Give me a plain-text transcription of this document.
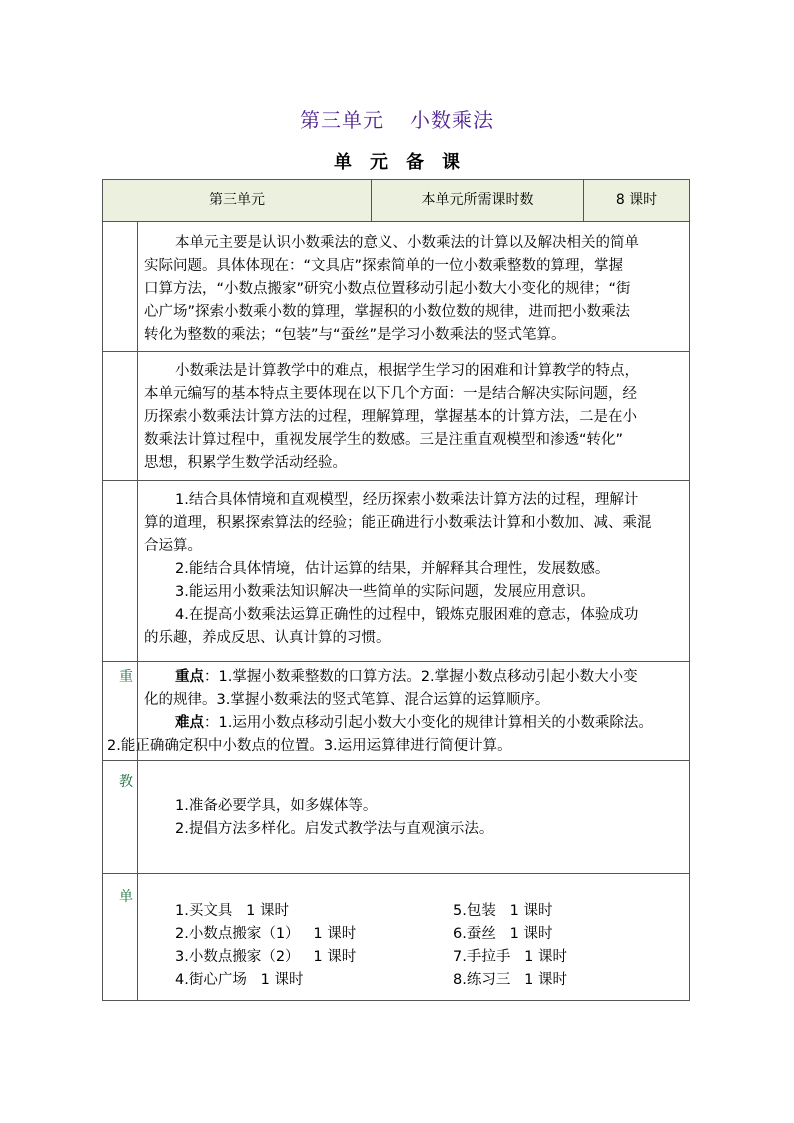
第三单元 小数乘法
单元备课
第三单元	本单元所需课时数	8 课时

本单元主要是认识小数乘法的意义、小数乘法的计算以及解决相关的简单

实际问题。具体体现在：“文具店”探索简单的一位小数乘整数的算理，掌握

口算方法，“小数点搬家”研究小数点位置移动引起小数大小变化的规律；“街

心广场”探索小数乘小数的算理，掌握积的小数位数的规律，进而把小数乘法

转化为整数的乘法；“包装”与“蚕丝”是学习小数乘法的竖式笔算。

小数乘法是计算教学中的难点，根据学生学习的困难和计算教学的特点，

本单元编写的基本特点主要体现在以下几个方面：一是结合解决实际问题，经

历探索小数乘法计算方法的过程，理解算理，掌握基本的计算方法，二是在小

数乘法计算过程中，重视发展学生的数感。三是注重直观模型和渗透“转化”

思想，积累学生数学活动经验。

1.结合具体情境和直观模型，经历探索小数乘法计算方法的过程，理解计

算的道理，积累探索算法的经验；能正确进行小数乘法计算和小数加、减、乘混

合运算。

2.能结合具体情境，估计运算的结果，并解释其合理性，发展数感。

3.能运用小数乘法知识解决一些简单的实际问题，发展应用意识。

4.在提高小数乘法运算正确性的过程中，锻炼克服困难的意志，体验成功

的乐趣，养成反思、认真计算的习惯。

重	重点：1.掌握小数乘整数的口算方法。2.掌握小数点移动引起小数大小变

化的规律。3.掌握小数乘法的竖式笔算、混合运算的运算顺序。

难点：1.运用小数点移动引起小数大小变化的规律计算相关的小数乘除法。

2.能正确确定积中小数点的位置。3.运用运算律进行简便计算。

教

1.准备必要学具，如多媒体等。

2.提倡方法多样化。启发式教学法与直观演示法。

单
1.买文具   1 课时
2.小数点搬家（1）   1 课时
3.小数点搬家（2）   1 课时
4.街心广场   1 课时
5.包装   1 课时
6.蚕丝   1 课时
7.手拉手   1 课时
8.练习三   1 课时
